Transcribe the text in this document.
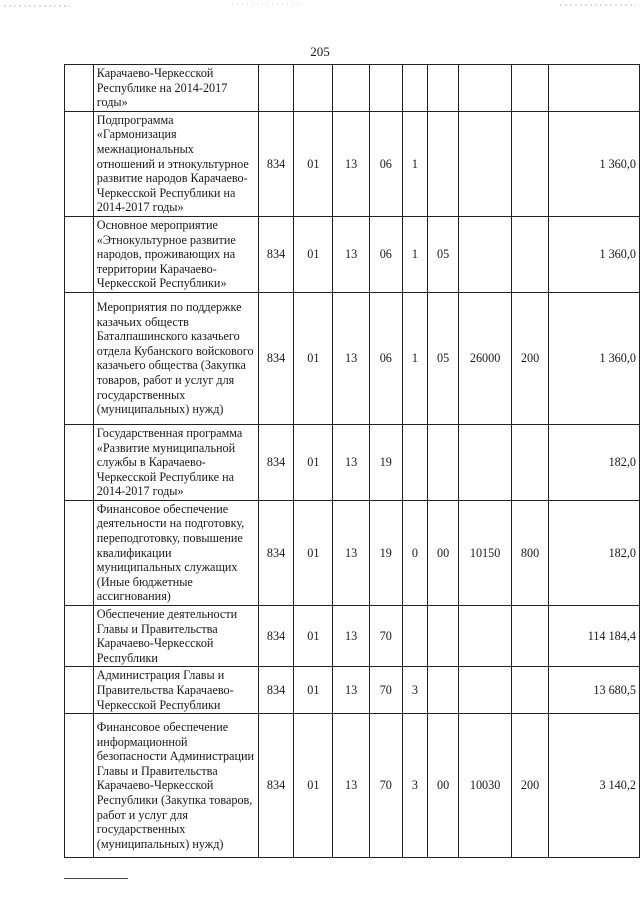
205
	Карачаево-Черкесской Республике на 2014-2017 годы»									
	Подпрограмма «Гармонизация межнациональных отношений и этнокультурное развитие народов Карачаево-Черкесской Республики на 2014-2017 годы»	834	01	13	06	1				1 360,0
	Основное мероприятие «Этнокультурное развитие народов, проживающих на территории Карачаево-Черкесской Республики»	834	01	13	06	1	05			1 360,0
	Мероприятия по поддержке казачьих обществ Баталпашинского казачьего отдела Кубанского войскового казачьего общества (Закупка товаров, работ и услуг для государственных (муниципальных) нужд)	834	01	13	06	1	05	26000	200	1 360,0
	Государственная программа «Развитие муниципальной службы в Карачаево-Черкесской Республике на 2014-2017 годы»	834	01	13	19					182,0
	Финансовое обеспечение деятельности на подготовку, переподготовку, повышение квалификации муниципальных служащих (Иные бюджетные ассигнования)	834	01	13	19	0	00	10150	800	182,0
	Обеспечение деятельности Главы и Правительства Карачаево-Черкесской Республики	834	01	13	70					114 184,4
	Администрация Главы и Правительства Карачаево-Черкесской Республики	834	01	13	70	3				13 680,5
	Финансовое обеспечение информационной безопасности Администрации Главы и Правительства Карачаево-Черкесской Республики (Закупка товаров, работ и услуг для государственных (муниципальных) нужд)	834	01	13	70	3	00	10030	200	3 140,2
